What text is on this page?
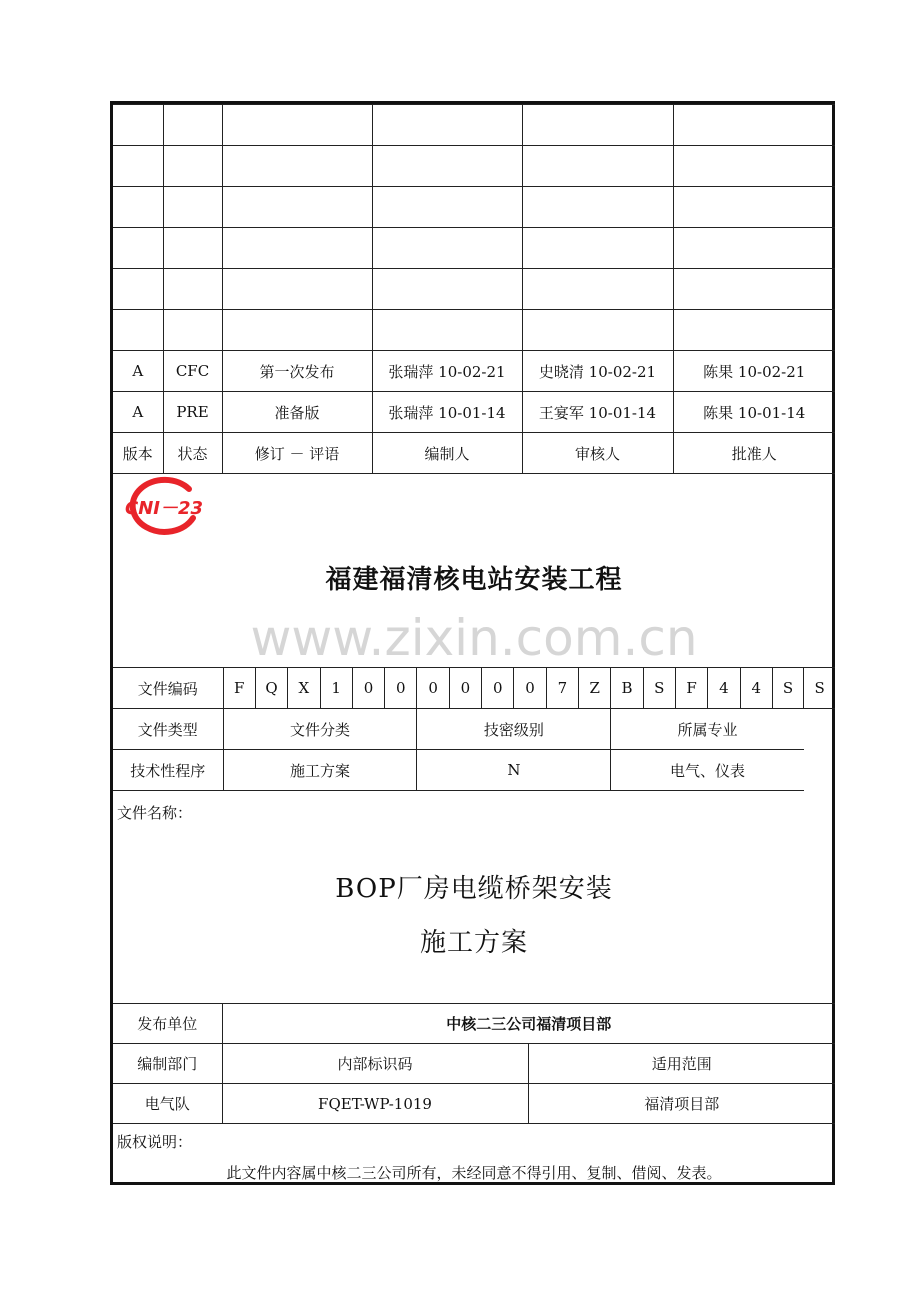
A	CFC	第一次发布	张瑞萍 10-02-21	史晓清 10-02-21	陈果 10-02-21
A	PRE	准备版	张瑞萍 10-01-14	王宴军 10-01-14	陈果 10-01-14
版本	状态	修订 － 评语	编制人	审核人	批准人
CNI－23
福建福清核电站安装工程
www.zixin.com.cn
文件编码	F	Q	X	1	0	0	0	0	0	0	7	Z	B	S	F	4	4	S	S
文件类型	文件分类						技密级别						所属专业						
技术性程序	施工方案						N						电气、仪表						
文件名称：
BOP厂房电缆桥架安装
施工方案
发布单位	中核二三公司福清项目部	
编制部门	内部标识码	适用范围
电气队	FQET-WP-1019	福清项目部
版权说明：
此文件内容属中核二三公司所有，未经同意不得引用、复制、借阅、发表。
